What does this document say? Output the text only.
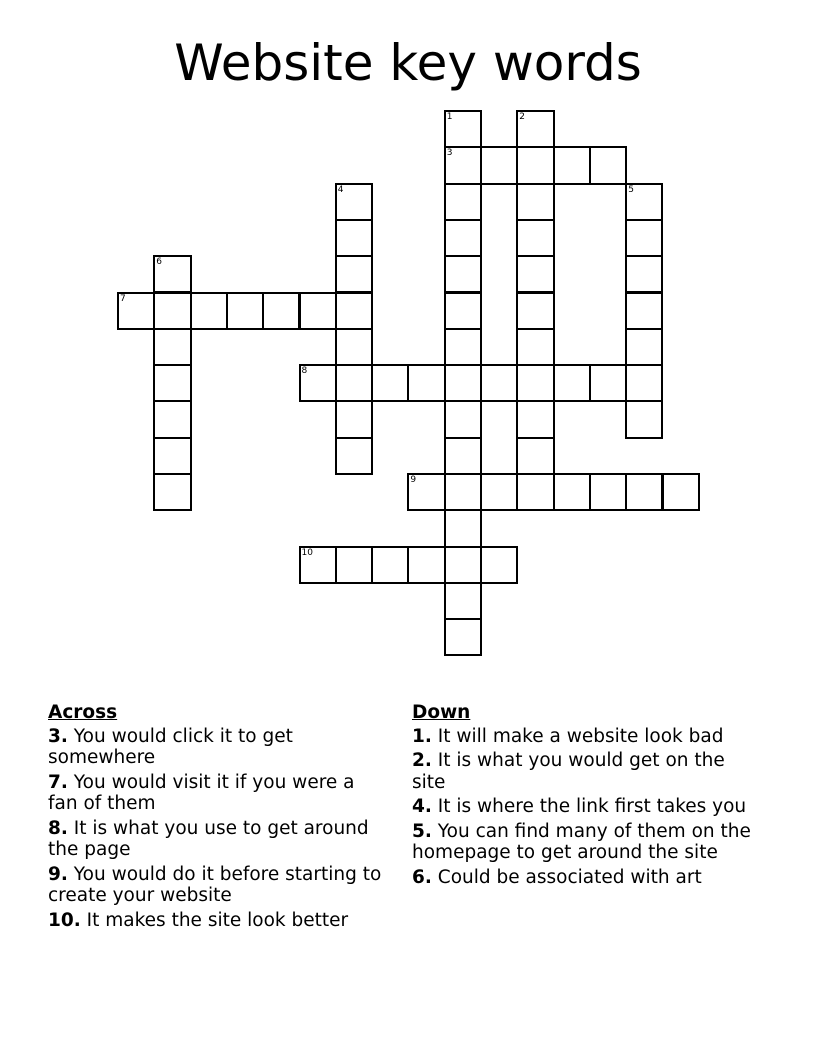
Website key words
1	2
3
4	5
6
7
8
9
10
Across
3. You would click it to get somewhere
7. You would visit it if you were a fan of them
8. It is what you use to get around the page
9. You would do it before starting to create your website
10. It makes the site look better
Down
1. It will make a website look bad
2. It is what you would get on the site
4. It is where the link first takes you
5. You can find many of them on the homepage to get around the site
6. Could be associated with art
